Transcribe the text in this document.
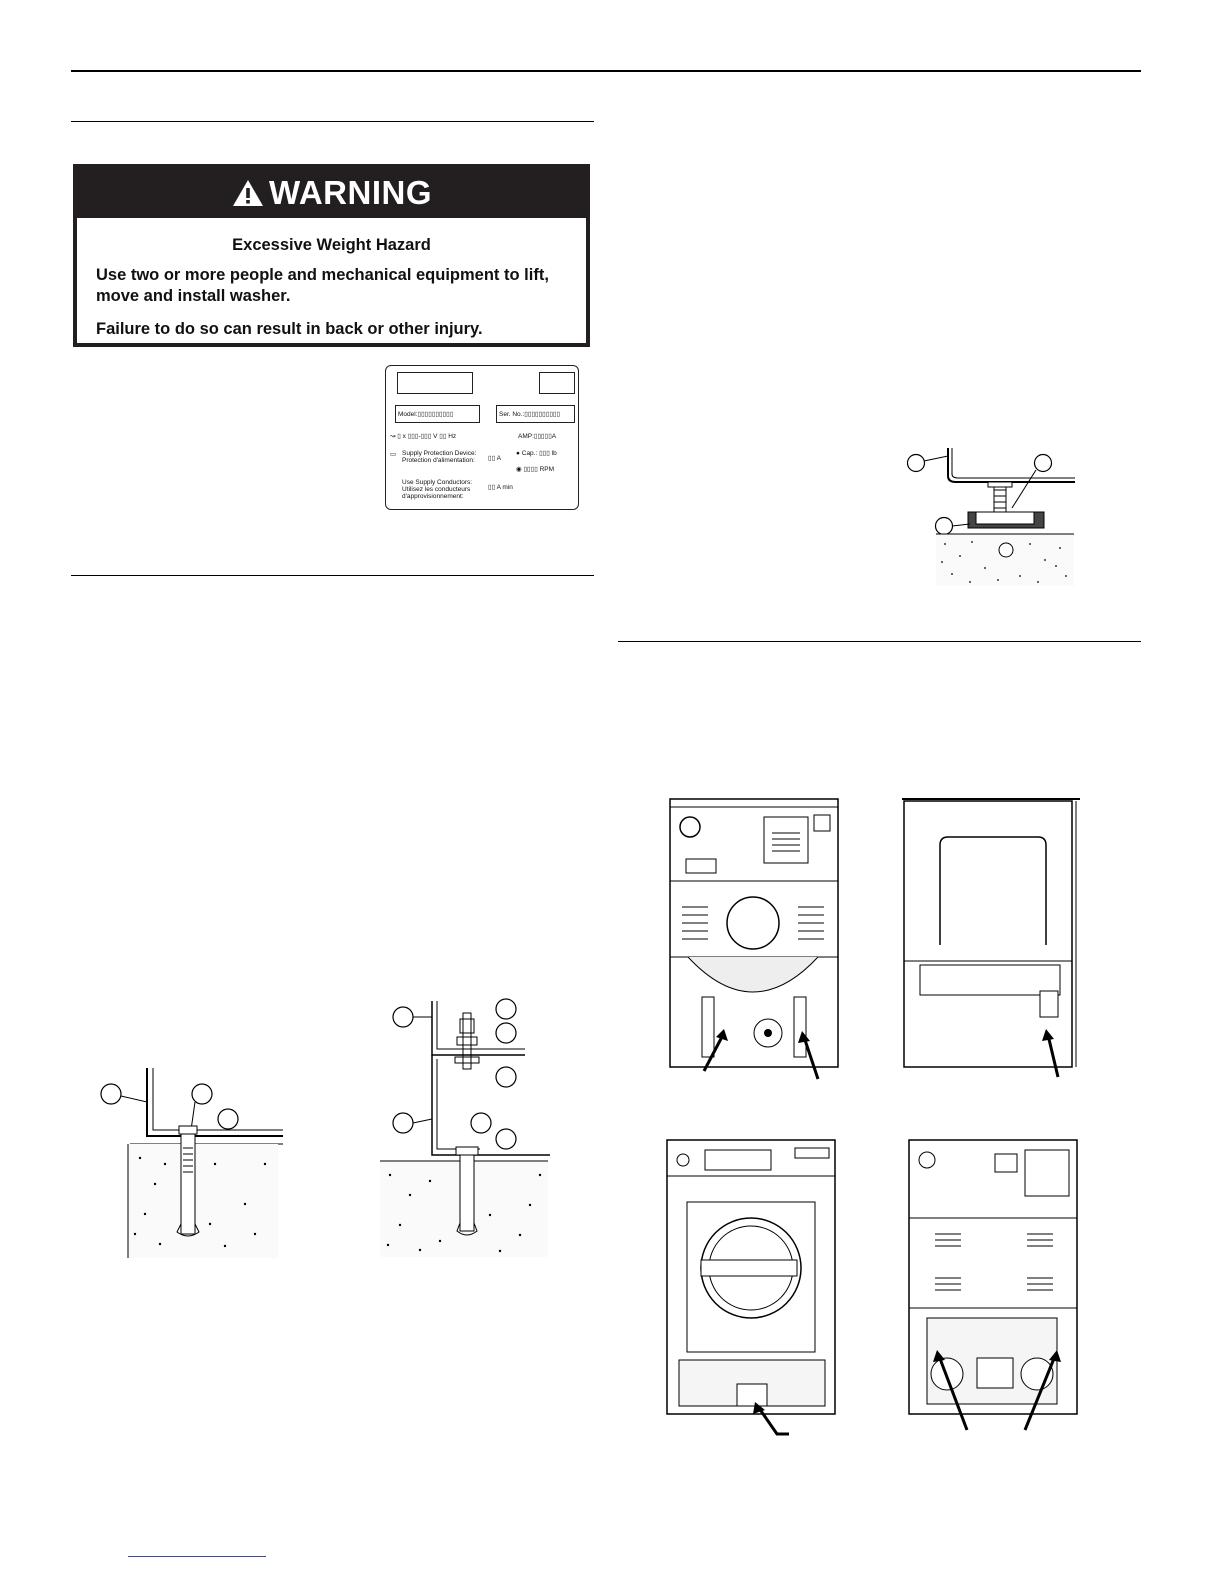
WARNING
Excessive Weight Hazard
Use two or more people and mechanical equipment to lift, move and install washer.
Failure to do so can result in back or other injury.
Model:▯▯▯▯▯▯▯▯▯▯	Ser. No.:▯▯▯▯▯▯▯▯▯▯
↝ ▯ x ▯▯▯-▯▯▯ V ▯▯ Hz	AMP:▯▯▯▯▯A
▭ Supply Protection Device:
Protection d'alimentation: ▯▯ A
● Cap.: ▯▯▯ lb
◉ ▯▯▯▯ RPM
Use Supply Conductors:
Utilisez les conducteurs
d'approvisionnement:
▯▯ A min
